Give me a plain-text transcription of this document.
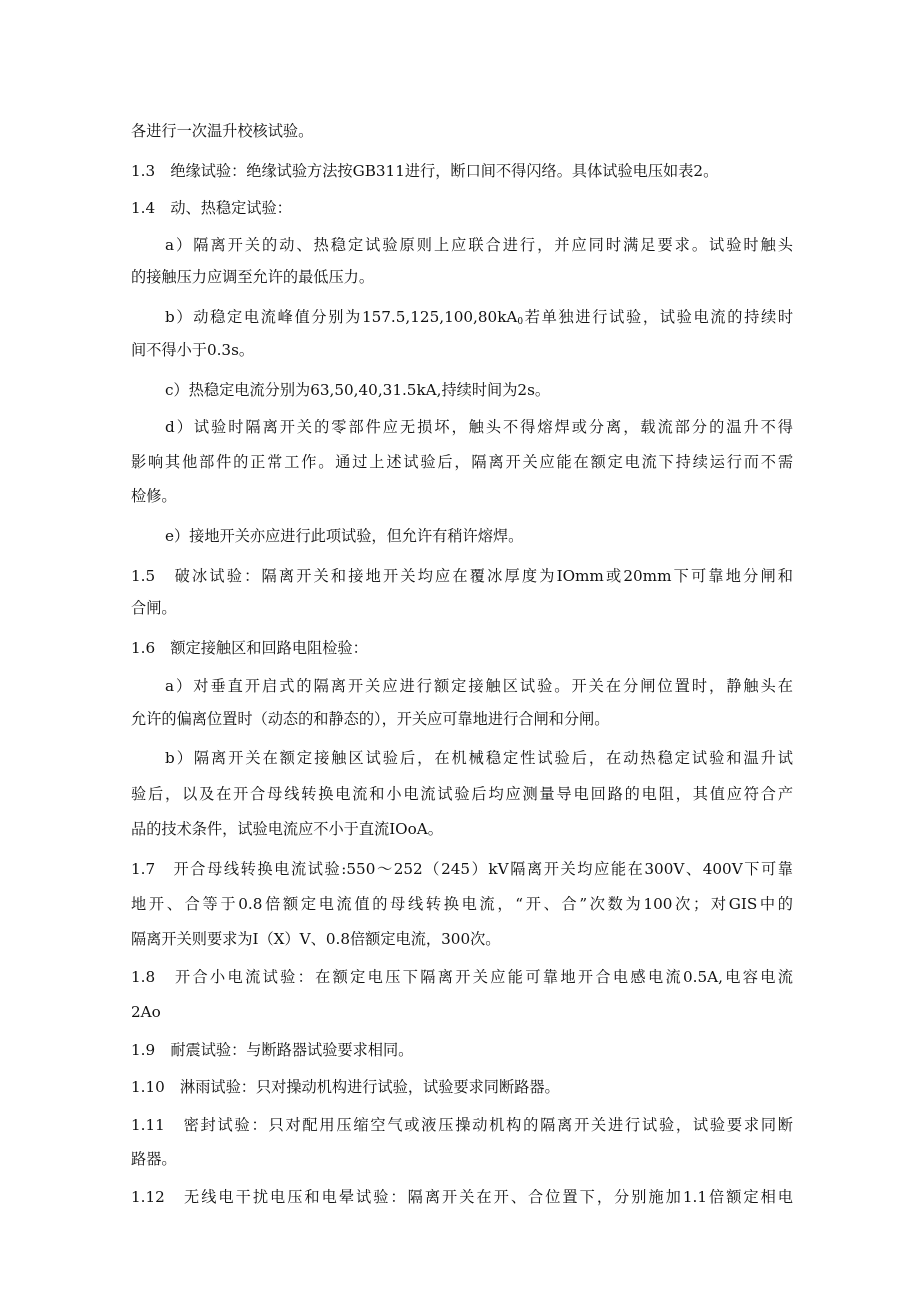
各进行一次温升校核试验。
1.3　绝缘试验：绝缘试验方法按GB311进行，断口间不得闪络。具体试验电压如表2。
1.4　动、热稳定试验：
a）隔离开关的动、热稳定试验原则上应联合进行，并应同时满足要求。试验时触头
的接触压力应调至允许的最低压力。
b）动稳定电流峰值分别为$157.5,125,100,80kA_0$若单独进行试验，试验电流的持续时
间不得小于0.3s。
c）热稳定电流分别为63,50,40,31.5kA,持续时间为2s。
d）试验时隔离开关的零部件应无损坏，触头不得熔焊或分离，载流部分的温升不得
影响其他部件的正常工作。通过上述试验后，隔离开关应能在额定电流下持续运行而不需
检修。
e）接地开关亦应进行此项试验，但允许有稍许熔焊。
1.5　破冰试验：隔离开关和接地开关均应在覆冰厚度为IOmm或20mm下可靠地分闸和
合闸。
1.6　额定接触区和回路电阻检验：
a）对垂直开启式的隔离开关应进行额定接触区试验。开关在分闸位置时，静触头在
允许的偏离位置时（动态的和静态的），开关应可靠地进行合闸和分闸。
b）隔离开关在额定接触区试验后，在机械稳定性试验后，在动热稳定试验和温升试
验后，以及在开合母线转换电流和小电流试验后均应测量导电回路的电阻，其值应符合产
品的技术条件，试验电流应不小于直流IOoA。
1.7　开合母线转换电流试验:550～252（245）kV隔离开关均应能在300V、400V下可靠
地开、合等于0.8倍额定电流值的母线转换电流，“开、合”次数为100次；对GIS中的
隔离开关则要求为I（X）V、0.8倍额定电流，300次。
1.8　开合小电流试验：在额定电压下隔离开关应能可靠地开合电感电流0.5A,电容电流
2Ao
1.9　耐震试验：与断路器试验要求相同。
1.10　淋雨试验：只对操动机构进行试验，试验要求同断路器。
1.11　密封试验：只对配用压缩空气或液压操动机构的隔离开关进行试验，试验要求同断
路器。
1.12　无线电干扰电压和电晕试验：隔离开关在开、合位置下，分别施加1.1倍额定相电
